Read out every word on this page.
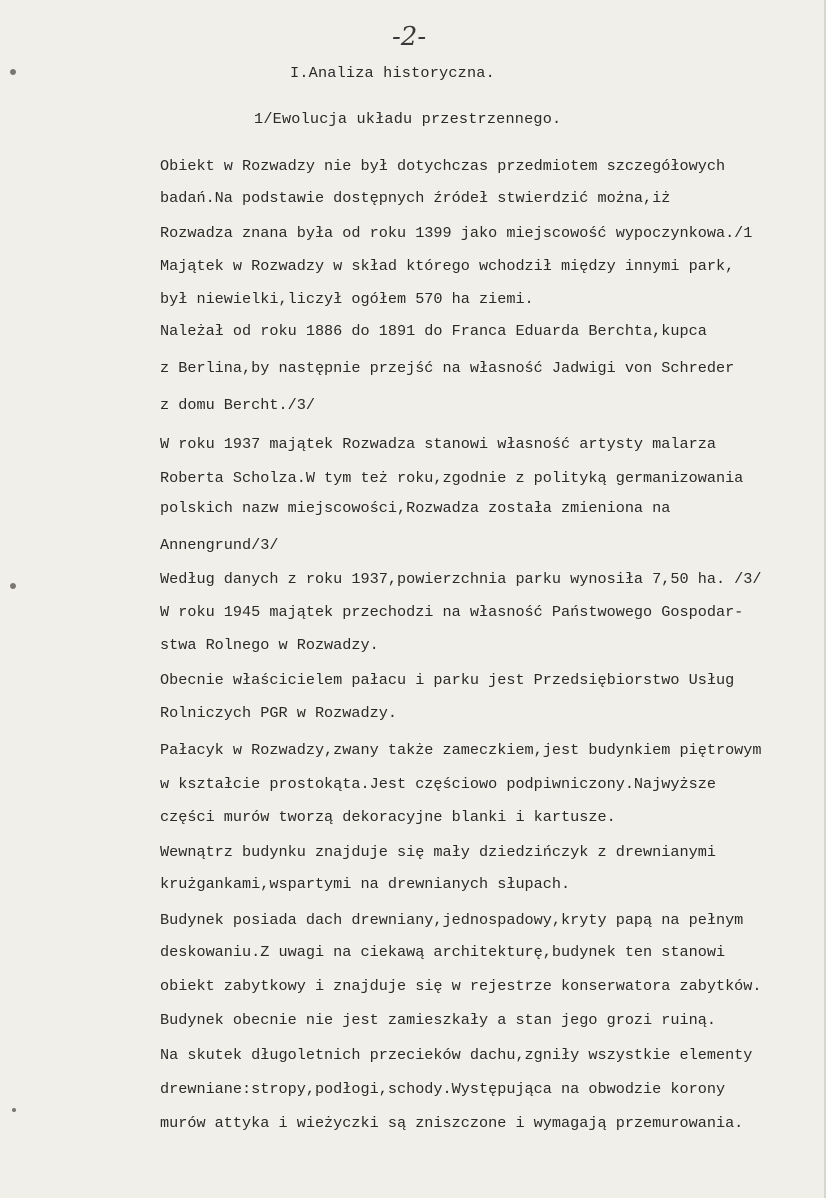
-2-
I.Analiza historyczna.
1/Ewolucja układu przestrzennego.
Obiekt w Rozwadzy nie był dotychczas przedmiotem szczegółowych
badań.Na podstawie dostępnych źródeł stwierdzić można,iż
Rozwadza znana była od roku 1399 jako miejscowość wypoczynkowa./1
Majątek w Rozwadzy w skład którego wchodził między innymi park,
był niewielki,liczył ogółem 570 ha ziemi.
Należał od roku 1886 do 1891 do Franca Eduarda Berchta,kupca
z Berlina,by następnie przejść na własność Jadwigi von Schreder
z domu Bercht./3/
W roku 1937 majątek Rozwadza stanowi własność artysty malarza
Roberta Scholza.W tym też roku,zgodnie z polityką germanizowania
polskich nazw miejscowości,Rozwadza została zmieniona na
Annengrund/3/
Według danych z roku 1937,powierzchnia parku wynosiła 7,50 ha. /3/
W roku 1945 majątek przechodzi na własność Państwowego Gospodar-
stwa Rolnego w Rozwadzy.
Obecnie właścicielem pałacu i parku jest Przedsiębiorstwo Usług
Rolniczych PGR w Rozwadzy.
Pałacyk w Rozwadzy,zwany także zameczkiem,jest budynkiem piętrowym
w kształcie prostokąta.Jest częściowo podpiwniczony.Najwyższe
części murów tworzą dekoracyjne blanki i kartusze.
Wewnątrz budynku znajduje się mały dziedzińczyk z drewnianymi
krużgankami,wspartymi na drewnianych słupach.
Budynek posiada dach drewniany,jednospadowy,kryty papą na pełnym
deskowaniu.Z uwagi na ciekawą architekturę,budynek ten stanowi
obiekt zabytkowy i znajduje się w rejestrze konserwatora zabytków.
Budynek obecnie nie jest zamieszkały a stan jego grozi ruiną.
Na skutek długoletnich przecieków dachu,zgniły wszystkie elementy
drewniane:stropy,podłogi,schody.Występująca na obwodzie korony
murów attyka i wieżyczki są zniszczone i wymagają przemurowania.
